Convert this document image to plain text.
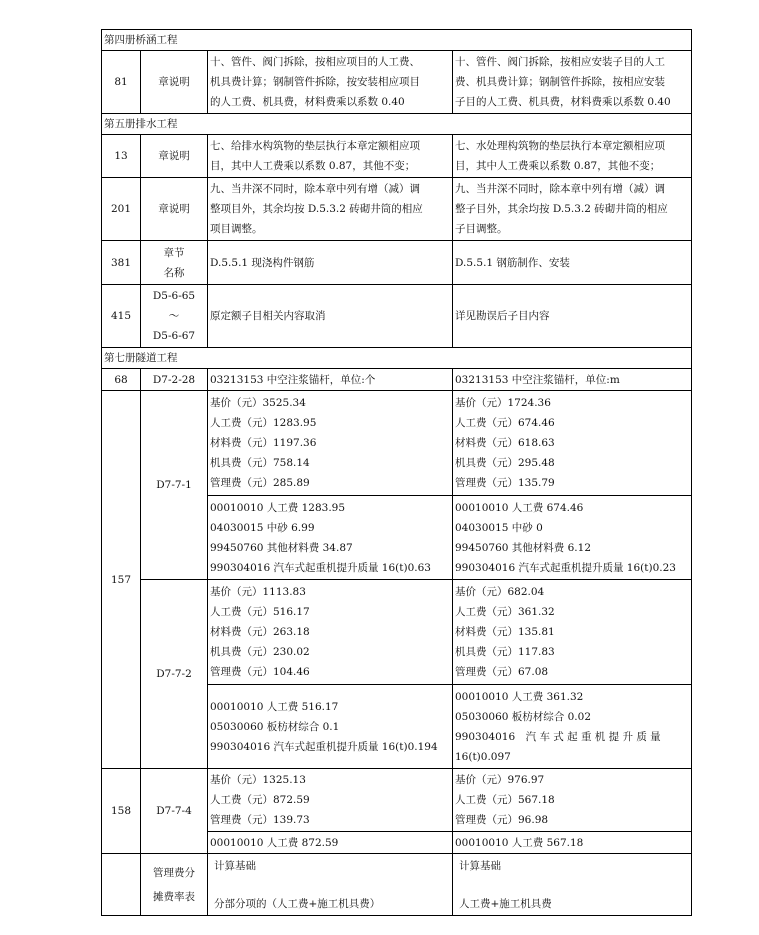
第四册桥涵工程			
81	章说明	十、管件、阀门拆除，按相应项目的人工费、
机具费计算；钢制管件拆除，按安装相应项目
的人工费、机具费，材料费乘以系数 0.40	十、管件、阀门拆除，按相应安装子目的人工
费、机具费计算；钢制管件拆除，按相应安装
子目的人工费、机具费，材料费乘以系数 0.40

第五册排水工程			
13	章说明	七、给排水构筑物的垫层执行本章定额相应项
目，其中人工费乘以系数 0.87，其他不变；	七、水处理构筑物的垫层执行本章定额相应项
目，其中人工费乘以系数 0.87，其他不变；

201	章说明	九、当井深不同时，除本章中列有增（减）调
整项目外，其余均按 D.5.3.2 砖砌井筒的相应
项目调整。	九、当井深不同时，除本章中列有增（减）调
整子目外，其余均按 D.5.3.2 砖砌井筒的相应
子目调整。

381	章节
名称	D.5.5.1 现浇构件钢筋	D.5.5.1 钢筋制作、安装
415	D5-6-65
～
D5-6-67	原定额子目相关内容取消	详见勘误后子目内容
第七册隧道工程			
68	D7-2-28	03213153 中空注浆锚杆，单位:个	03213153 中空注浆锚杆，单位:m
157	D7-7-1	基价（元）3525.34
人工费（元）1283.95
材料费（元）1197.36
机具费（元）758.14
管理费（元）285.89	基价（元）1724.36
人工费（元）674.46
材料费（元）618.63
机具费（元）295.48
管理费（元）135.79

		00010010 人工费 1283.95
04030015 中砂 6.99
99450760 其他材料费 34.87
990304016 汽车式起重机提升质量 16(t)0.63	00010010 人工费 674.46
04030015 中砂 0
99450760 其他材料费 6.12
990304016 汽车式起重机提升质量 16(t)0.23

	D7-7-2	基价（元）1113.83
人工费（元）516.17
材料费（元）263.18
机具费（元）230.02
管理费（元）104.46	基价（元）682.04
人工费（元）361.32
材料费（元）135.81
机具费（元）117.83
管理费（元）67.08

		00010010 人工费 516.17
05030060 板枋材综合 0.1
990304016 汽车式起重机提升质量 16(t)0.194	00010010 人工费 361.32
05030060 板枋材综合 0.02
990304016　汽 车 式 起 重 机 提 升 质 量
16(t)0.097

158	D7-7-4	基价（元）1325.13
人工费（元）872.59
管理费（元）139.73	基价（元）976.97
人工费（元）567.18
管理费（元）96.98

		00010010 人工费 872.59	00010010 人工费 567.18

	管理费分
摊费率表	计算基础
分部分项的（人工费+施工机具费）	计算基础
人工费+施工机具费
